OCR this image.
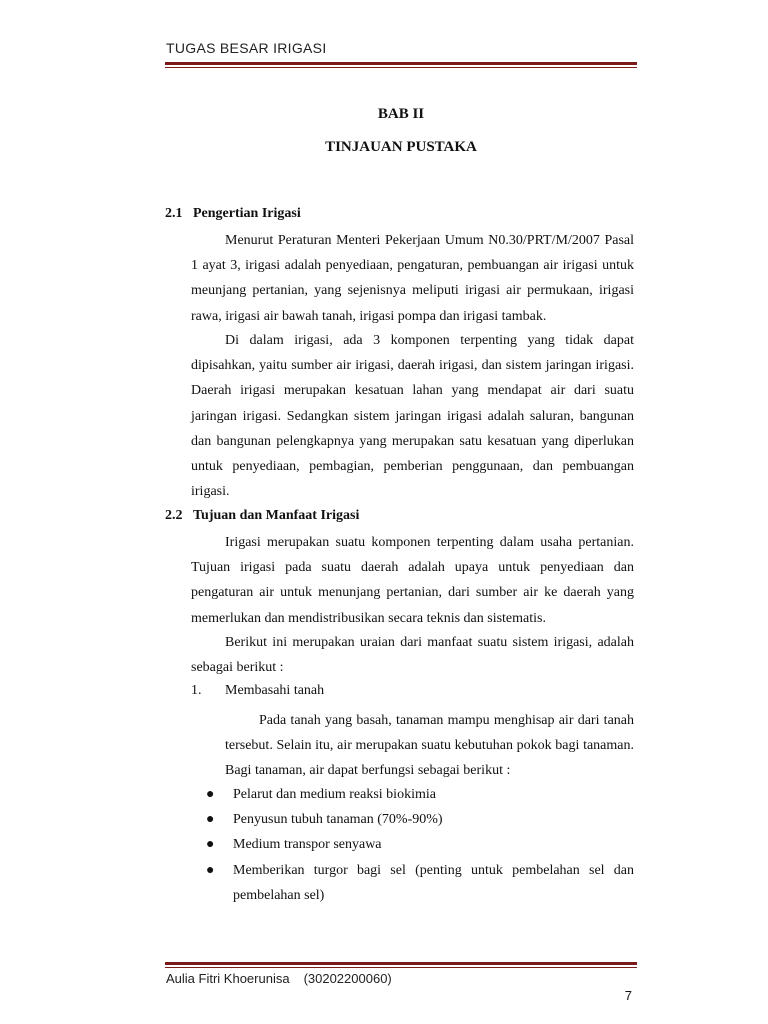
TUGAS BESAR IRIGASI
BAB II
TINJAUAN PUSTAKA
2.1 Pengertian Irigasi
Menurut Peraturan Menteri Pekerjaan Umum N0.30/PRT/M/2007 Pasal 1 ayat 3, irigasi adalah penyediaan, pengaturan, pembuangan air irigasi untuk meunjang pertanian, yang sejenisnya meliputi irigasi air permukaan, irigasi rawa, irigasi air bawah tanah, irigasi pompa dan irigasi tambak.
Di dalam irigasi, ada 3 komponen terpenting yang tidak dapat dipisahkan, yaitu sumber air irigasi, daerah irigasi, dan sistem jaringan irigasi. Daerah irigasi merupakan kesatuan lahan yang mendapat air dari suatu jaringan irigasi. Sedangkan sistem jaringan irigasi adalah saluran, bangunan dan bangunan pelengkapnya yang merupakan satu kesatuan yang diperlukan untuk penyediaan, pembagian, pemberian penggunaan, dan pembuangan irigasi.
2.2 Tujuan dan Manfaat Irigasi
Irigasi merupakan suatu komponen terpenting dalam usaha pertanian. Tujuan irigasi pada suatu daerah adalah upaya untuk penyediaan dan pengaturan air untuk menunjang pertanian, dari sumber air ke daerah yang memerlukan dan mendistribusikan secara teknis dan sistematis.
Berikut ini merupakan uraian dari manfaat suatu sistem irigasi, adalah sebagai berikut :
1. Membasahi tanah
Pada tanah yang basah, tanaman mampu menghisap air dari tanah tersebut. Selain itu, air merupakan suatu kebutuhan pokok bagi tanaman. Bagi tanaman, air dapat berfungsi sebagai berikut :
● Pelarut dan medium reaksi biokimia
● Penyusun tubuh tanaman (70%-90%)
● Medium transpor senyawa
● Memberikan turgor bagi sel (penting untuk pembelahan sel dan pembelahan sel)
Aulia Fitri Khoerunisa (30202200060)
7
